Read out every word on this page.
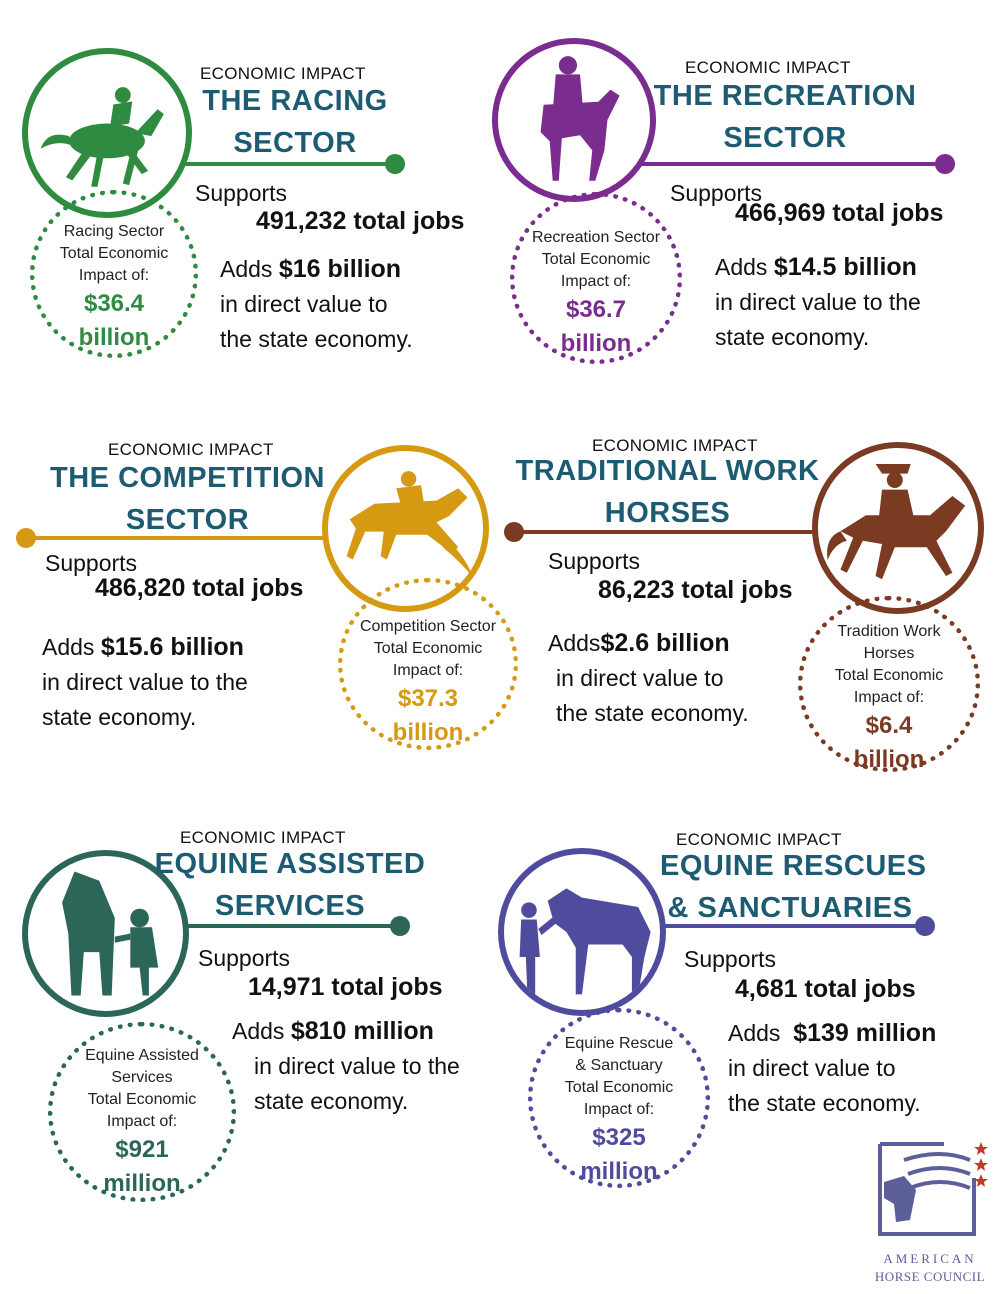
ECONOMIC IMPACT
THE RACING
SECTOR
Supports
491,232 total jobs
Adds $16 billion
in direct value to
the state economy.
Racing Sector
Total Economic
Impact of:
$36.4
billion
ECONOMIC IMPACT
THE RECREATION
SECTOR
Supports
466,969 total jobs
Adds $14.5 billion
in direct value to the
state economy.
Recreation Sector
Total Economic
Impact of:
$36.7
billion
ECONOMIC IMPACT
THE COMPETITION
SECTOR
Supports
486,820 total jobs
Adds $15.6 billion
in direct value to the
state economy.
Competition Sector
Total Economic
Impact of:
$37.3
billion
ECONOMIC IMPACT
TRADITIONAL WORK
HORSES
Supports
86,223 total jobs
Adds$2.6 billion
in direct value to
the state economy.
Tradition Work
Horses
Total Economic
Impact of:
$6.4
billion
ECONOMIC IMPACT
EQUINE ASSISTED
SERVICES
Supports
14,971 total jobs
Adds $810 million
in direct value to the
state economy.
Equine Assisted
Services
Total Economic
Impact of:
$921
million
ECONOMIC IMPACT
EQUINE RESCUES
& SANCTUARIES
Supports
4,681 total jobs
Adds $139 million
in direct value to
the state economy.
Equine Rescue
& Sanctuary
Total Economic
Impact of:
$325
million
AMERICAN
HORSE COUNCIL
